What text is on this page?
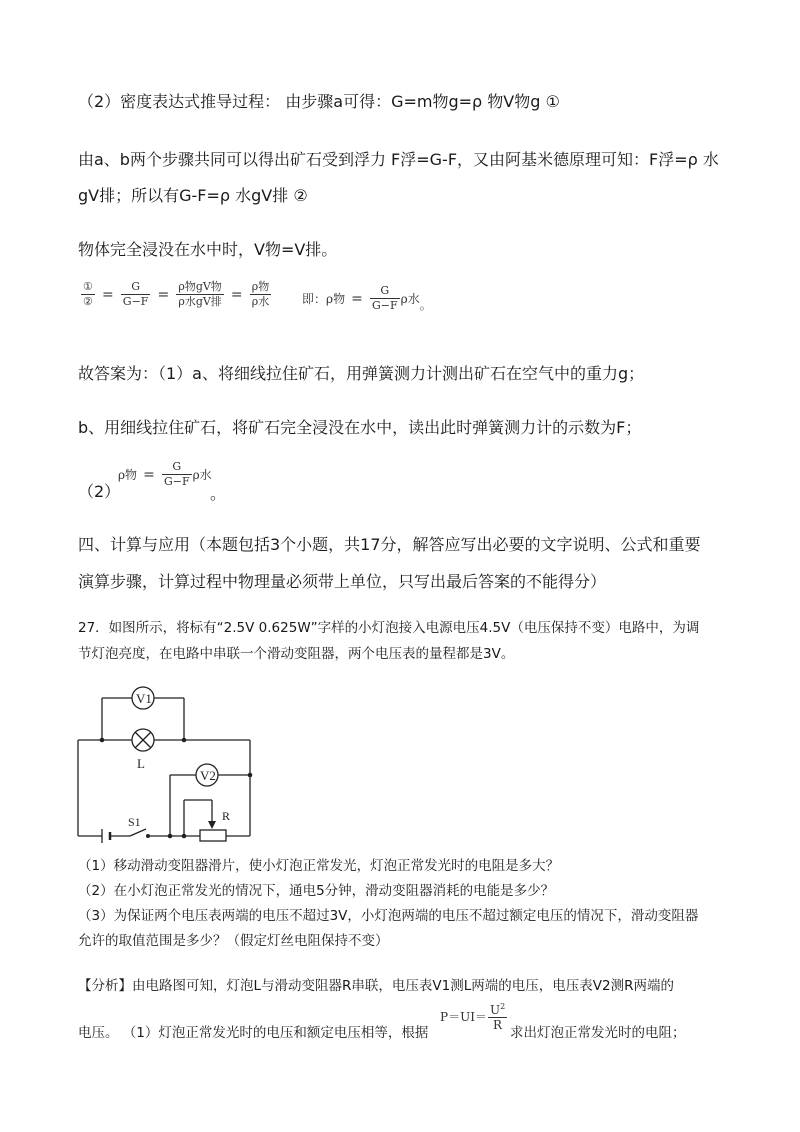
（2）密度表达式推导过程： 由步骤a可得：G=m物g=ρ 物V物g ①
由a、b两个步骤共同可以得出矿石受到浮力 F浮=G-F，又由阿基米德原理可知：F浮=ρ 水
gV排；所以有G-F=ρ 水gV排 ②
物体完全浸没在水中时，V物=V排。
$\frac{\text{①}}{\text{②}} = \frac{G}{G-F} = \frac{\text{ρ物gV物}}{\text{ρ水gV排}} = \frac{\text{ρ物}}{\text{ρ水}}$	即：ρ物 = $\frac{G}{G-F}$ ρ水。
故答案为：（1）a、将细线拉住矿石，用弹簧测力计测出矿石在空气中的重力g；
b、用细线拉住矿石，将矿石完全浸没在水中，读出此时弹簧测力计的示数为F；
（2）
ρ物 = $\frac{G}{G-F}$ ρ水
。
四、计算与应用（本题包括3个小题，共17分，解答应写出必要的文字说明、公式和重要
演算步骤，计算过程中物理量必须带上单位，只写出最后答案的不能得分）
27．如图所示，将标有“2.5V 0.625W”字样的小灯泡接入电源电压4.5V（电压保持不变）电路中，为调
节灯泡亮度，在电路中串联一个滑动变阻器，两个电压表的量程都是3V。
V1
L
V2
R
S1
（1）移动滑动变阻器滑片，使小灯泡正常发光，灯泡正常发光时的电阻是多大？
（2）在小灯泡正常发光的情况下，通电5分钟，滑动变阻器消耗的电能是多少？
（3）为保证两个电压表两端的电压不超过3V，小灯泡两端的电压不超过额定电压的情况下，滑动变阻器
允许的取值范围是多少？（假定灯丝电阻保持不变）
【分析】由电路图可知，灯泡L与滑动变阻器R串联，电压表V1测L两端的电压，电压表V2测R两端的
电压。 （1）灯泡正常发光时的电压和额定电压相等，根据
$P=UI= \frac{U^2}{R}$
求出灯泡正常发光时的电阻；
